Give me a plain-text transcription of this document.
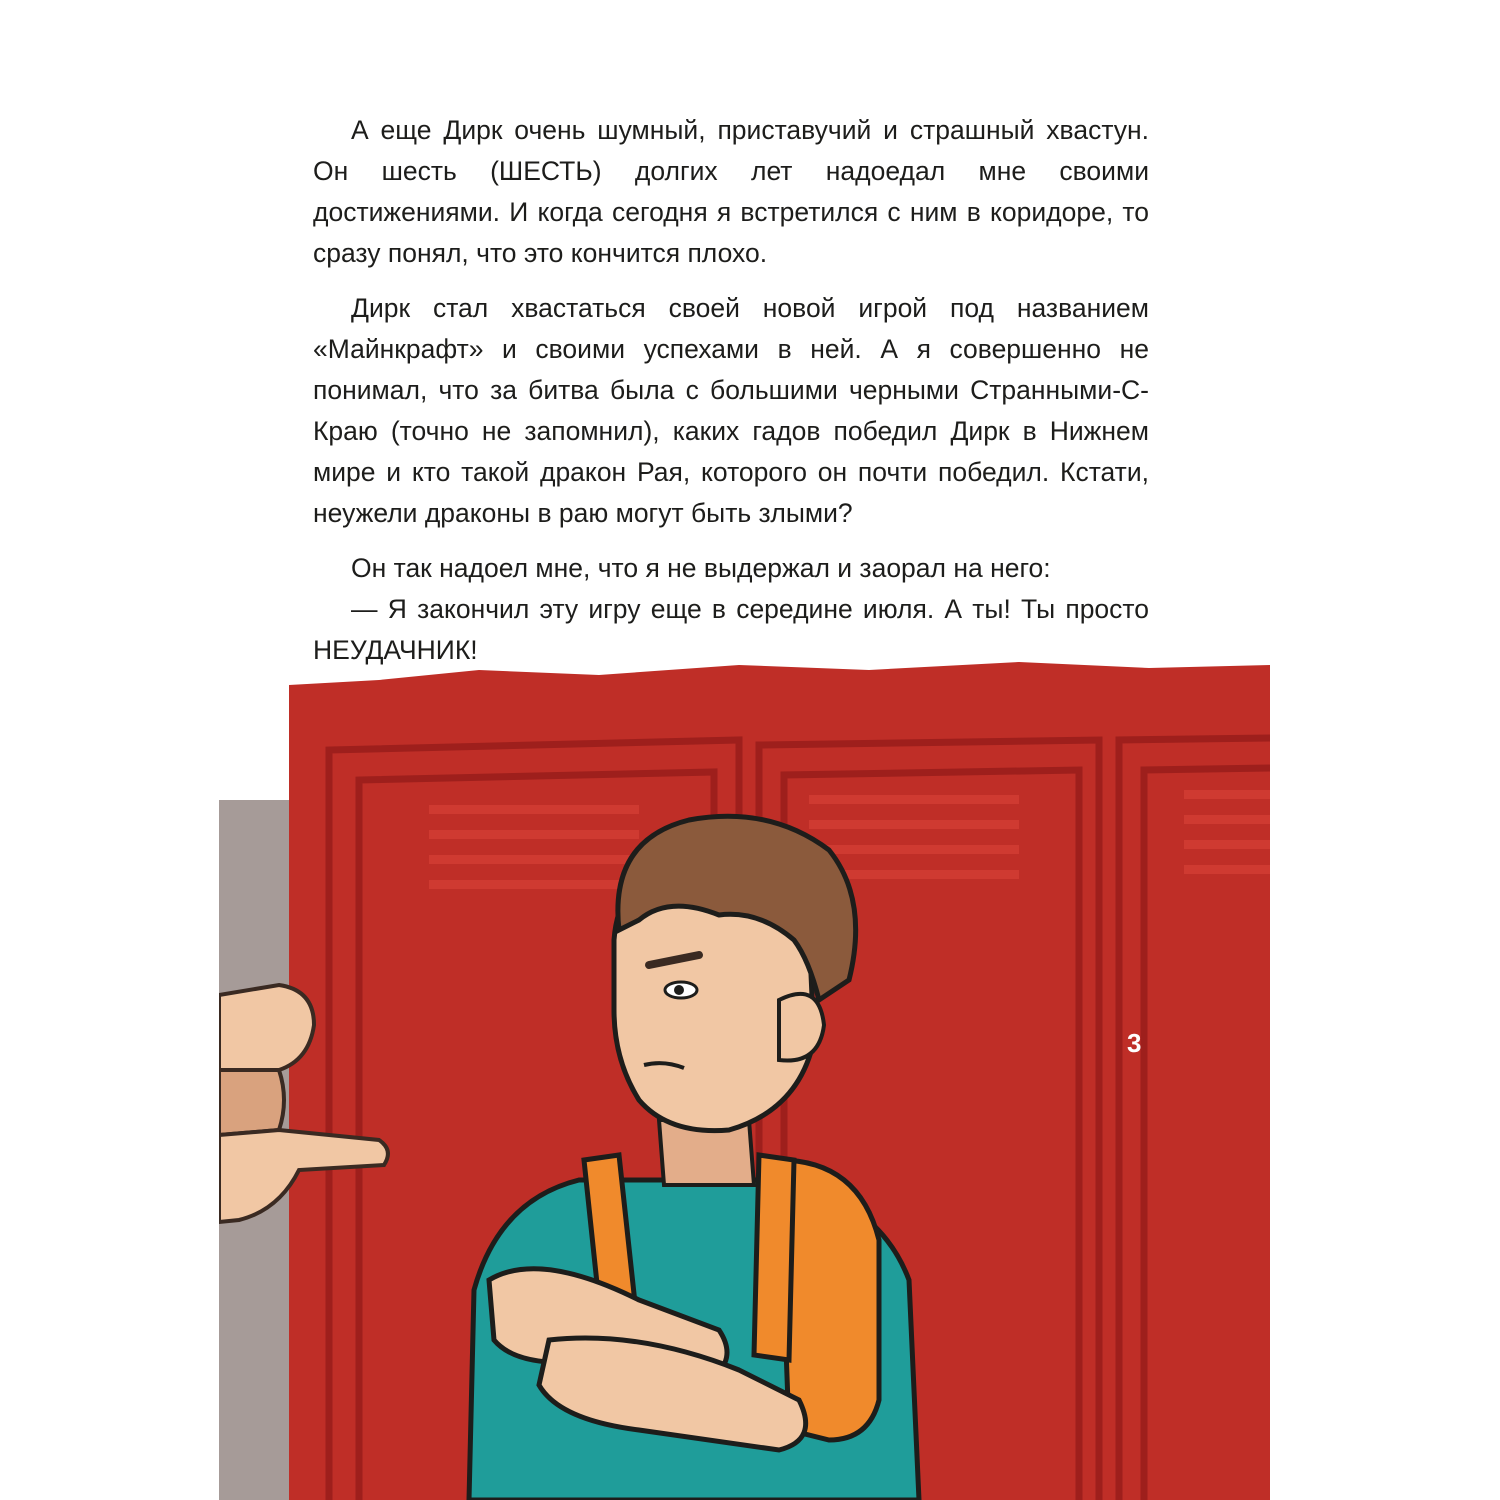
А еще Дирк очень шумный, приставучий и страшный хвастун. Он шесть (ШЕСТЬ) долгих лет надоедал мне своими достижениями. И когда сегодня я встретился с ним в коридоре, то сразу понял, что это кончится плохо.

Дирк стал хвастаться своей новой игрой под названием «Майнкрафт» и своими успехами в ней. А я совершенно не понимал, что за битва была с большими черными Странными-С-Краю (точно не запомнил), каких гадов победил Дирк в Нижнем мире и кто такой дракон Рая, которого он почти победил. Кстати, неужели драконы в раю могут быть злыми?

Он так надоел мне, что я не выдержал и заорал на него:

— Я закончил эту игру еще в середине июля. А ты! Ты просто НЕУДАЧНИК!

3
